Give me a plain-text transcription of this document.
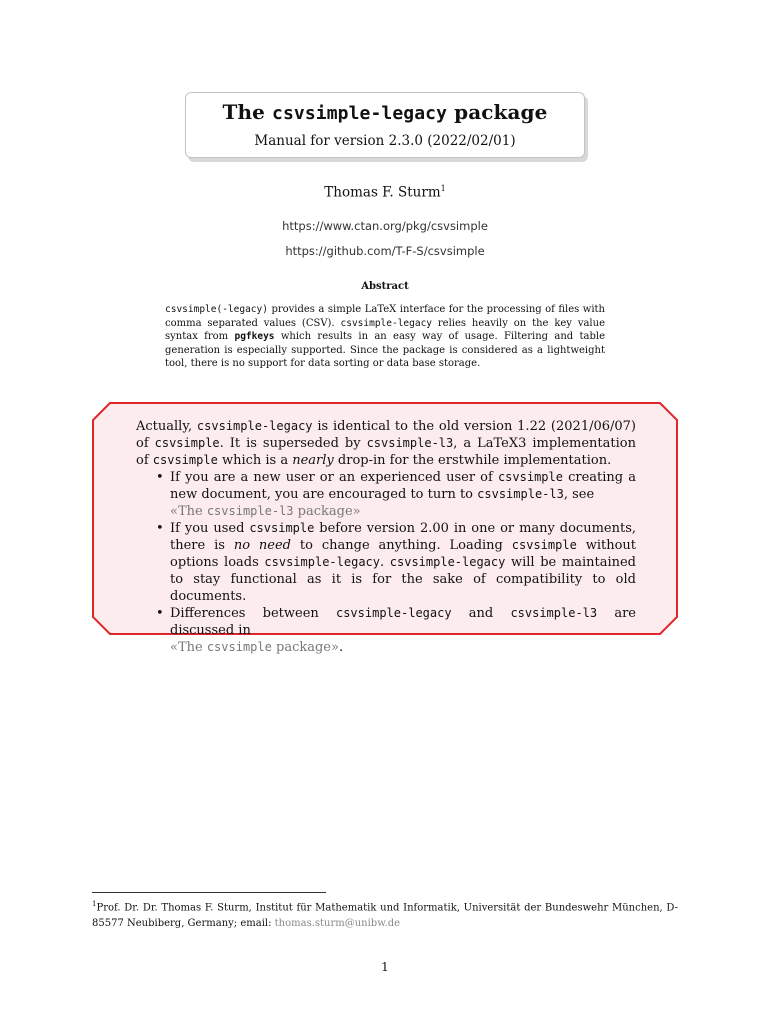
The csvsimple-legacy package
Manual for version 2.3.0 (2022/02/01)
Thomas F. Sturm$^1$
https://www.ctan.org/pkg/csvsimple
https://github.com/T-F-S/csvsimple
Abstract
csvsimple(-legacy) provides a simple LaTeX interface for the processing of files with comma separated values (CSV). csvsimple-legacy relies heavily on the key value syntax from pgfkeys which results in an easy way of usage. Filtering and table generation is especially supported. Since the package is considered as a lightweight tool, there is no support for data sorting or data base storage.
Actually, csvsimple-legacy is identical to the old version 1.22 (2021/06/07) of csvsimple. It is superseded by csvsimple-l3, a LaTeX3 implementation of csvsimple which is a nearly drop-in for the erstwhile implementation.
• If you are a new user or an experienced user of csvsimple creating a new document, you are encouraged to turn to csvsimple-l3, see
«The csvsimple-l3 package»
• If you used csvsimple before version 2.00 in one or many documents, there is no need to change anything. Loading csvsimple without options loads csvsimple-legacy. csvsimple-legacy will be maintained to stay functional as it is for the sake of compatibility to old documents.
• Differences between csvsimple-legacy and csvsimple-l3 are discussed in
«The csvsimple package».
$^1$Prof. Dr. Dr. Thomas F. Sturm, Institut für Mathematik und Informatik, Universität der Bundeswehr München, D-85577 Neubiberg, Germany; email: thomas.sturm@unibw.de
1
